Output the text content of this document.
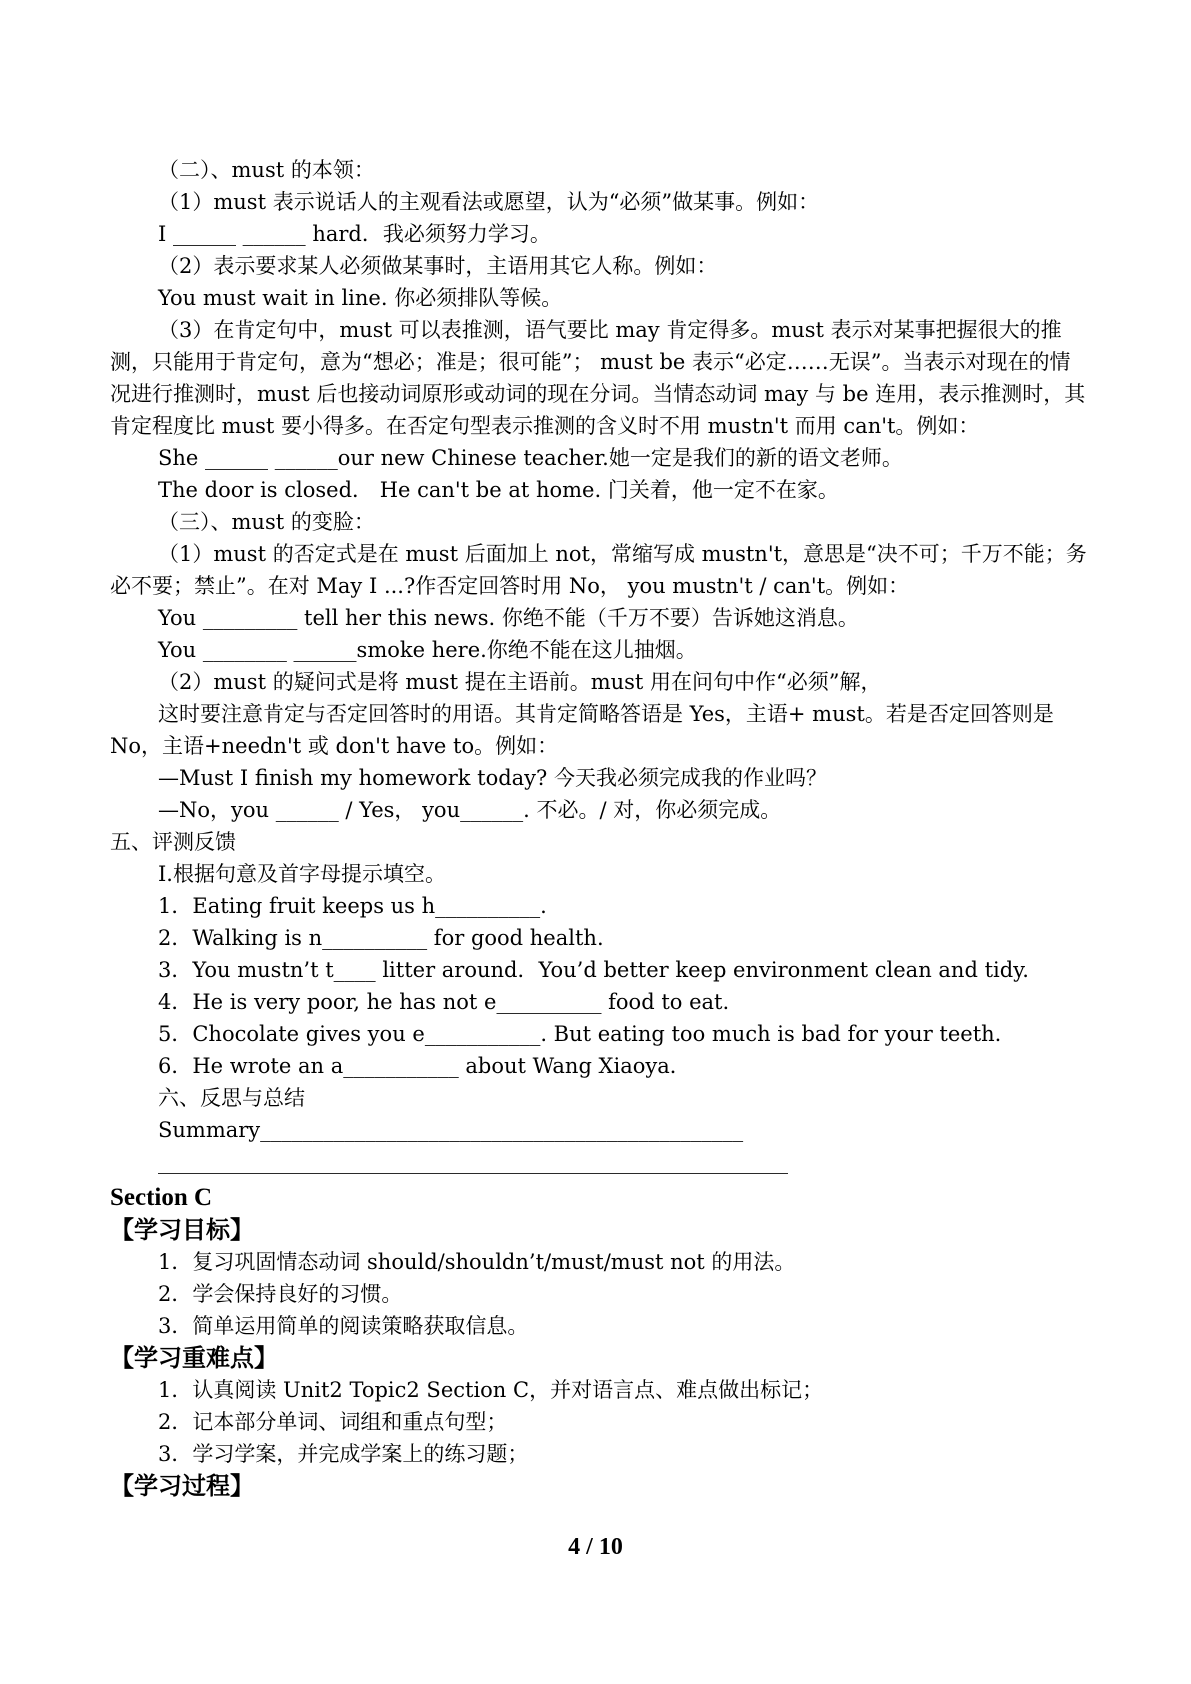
（二）、must 的本领：
（1）must 表示说话人的主观看法或愿望，认为“必须”做某事。例如：
I ______ ______ hard．我必须努力学习。
（2）表示要求某人必须做某事时，主语用其它人称。例如：
You must wait in line. 你必须排队等候。
（3）在肯定句中，must 可以表推测，语气要比 may 肯定得多。must 表示对某事把握很大的推测，只能用于肯定句，意为“想必；准是；很可能”； must be 表示“必定……无误”。当表示对现在的情况进行推测时，must 后也接动词原形或动词的现在分词。当情态动词 may 与 be 连用，表示推测时，其肯定程度比 must 要小得多。在否定句型表示推测的含义时不用 mustn't 而用 can't。例如：
She ______ ______our new Chinese teacher.她一定是我们的新的语文老师。
The door is closed． He can't be at home. 门关着，他一定不在家。
（三）、must 的变脸：
（1）must 的否定式是在 must 后面加上 not，常缩写成 mustn't，意思是“决不可；千万不能；务必不要；禁止”。在对 May I ...?作否定回答时用 No， you mustn't / can't。例如：
You _________ tell her this news. 你绝不能（千万不要）告诉她这消息。
You ________ ______smoke here.你绝不能在这儿抽烟。
（2）must 的疑问式是将 must 提在主语前。must 用在问句中作“必须”解，
这时要注意肯定与否定回答时的用语。其肯定简略答语是 Yes，主语+ must。若是否定回答则是 No，主语+needn't 或 don't have to。例如：
—Must I finish my homework today? 今天我必须完成我的作业吗？
—No，you ______ / Yes， you______. 不必。/ 对，你必须完成。
五、评测反馈
I.根据句意及首字母提示填空。
1．Eating fruit keeps us h__________.
2．Walking is n__________ for good health.
3．You mustn’t t____ litter around．You’d better keep environment clean and tidy.
4．He is very poor, he has not e__________ food to eat.
5．Chocolate gives you e___________. But eating too much is bad for your teeth.
6．He wrote an a___________ about Wang Xiaoya．
六、反思与总结
Summary______________________________________________
____________________________________________________________
Section C
【学习目标】
1．复习巩固情态动词 should/shouldn’t/must/must not 的用法。
2．学会保持良好的习惯。
3．简单运用简单的阅读策略获取信息。
【学习重难点】
1．认真阅读 Unit2 Topic2 Section C，并对语言点、难点做出标记；
2．记本部分单词、词组和重点句型；
3．学习学案，并完成学案上的练习题；
【学习过程】
4 / 10
